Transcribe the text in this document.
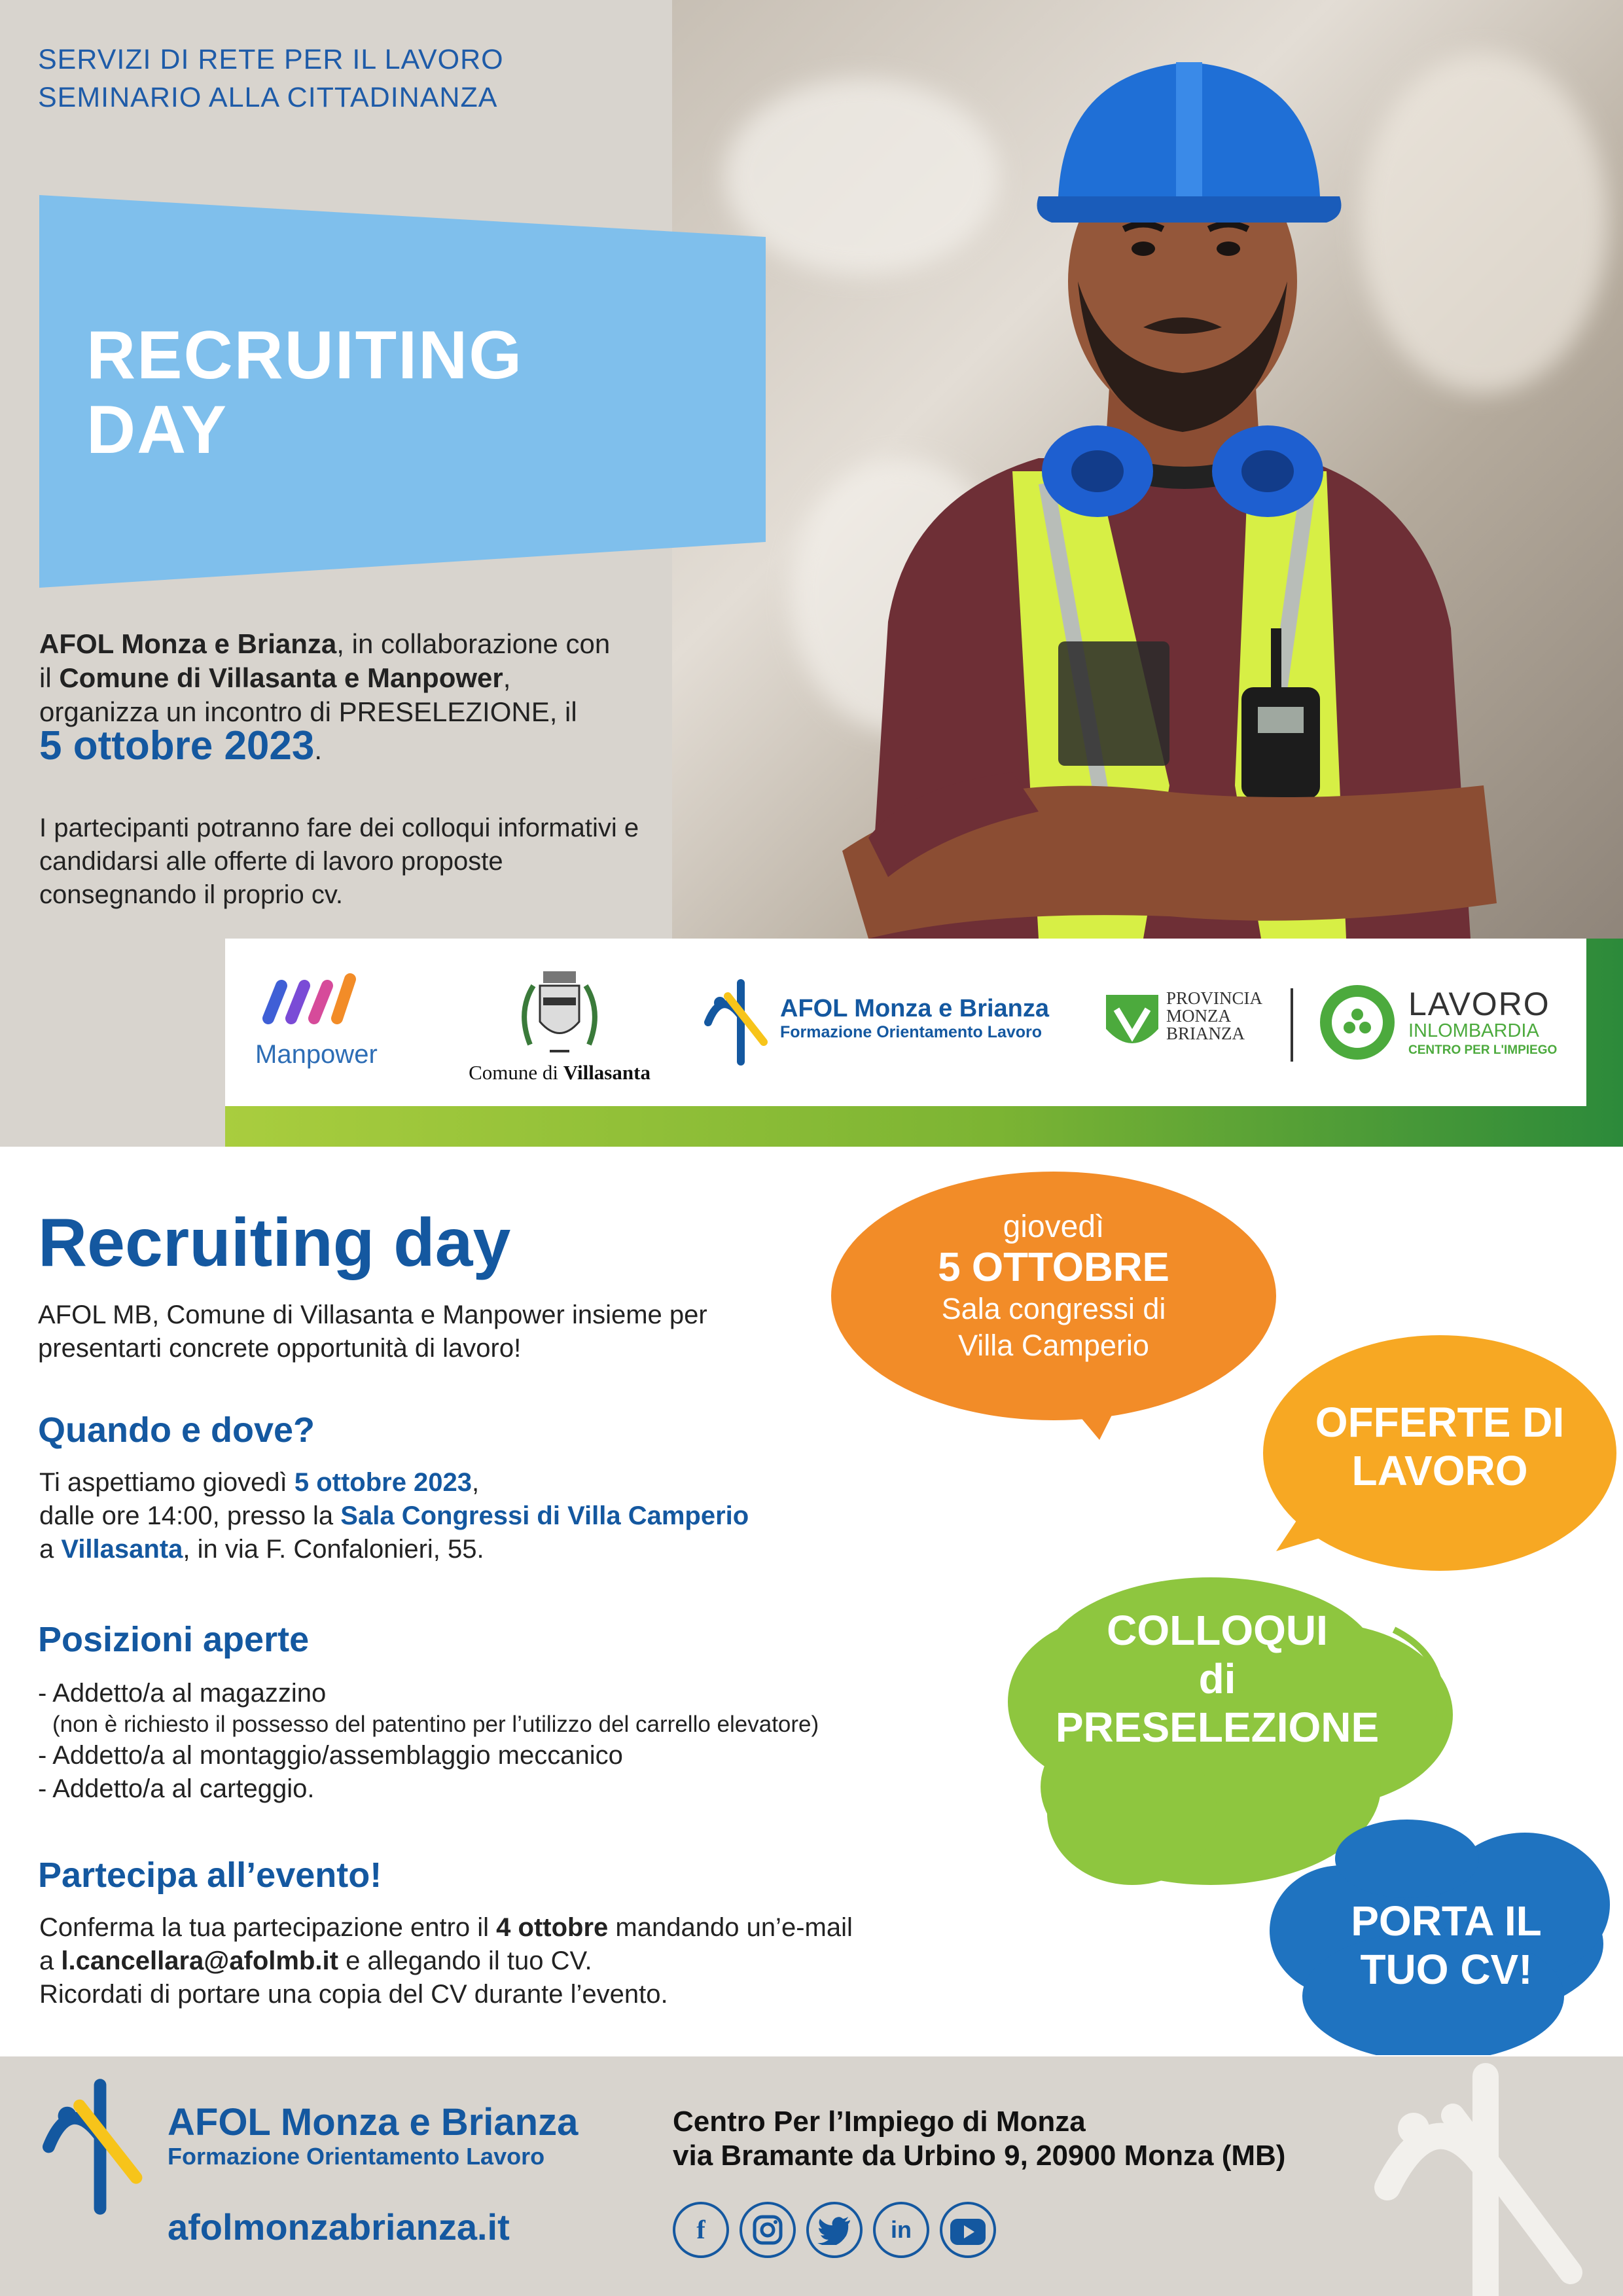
SERVIZI DI RETE PER IL LAVORO
SEMINARIO ALLA CITTADINANZA
RECRUITING
DAY
AFOL Monza e Brianza, in collaborazione con il Comune di Villasanta e Manpower, organizza un incontro di PRESELEZIONE, il
5 ottobre 2023.
I partecipanti potranno fare dei colloqui informativi e candidarsi alle offerte di lavoro proposte consegnando il proprio cv.
Manpower
Comune di Villasanta
AFOL Monza e Brianza
Formazione Orientamento Lavoro
PROVINCIA
MONZA
BRIANZA
LAVORO
INLOMBARDIA
CENTRO PER L'IMPIEGO
Recruiting day
AFOL MB, Comune di Villasanta e Manpower insieme per presentarti concrete opportunità di lavoro!
Quando e dove?
Ti aspettiamo giovedì 5 ottobre 2023,
dalle ore 14:00, presso la Sala Congressi di Villa Camperio a Villasanta, in via F. Confalonieri, 55.
Posizioni aperte
- Addetto/a al magazzino
(non è richiesto il possesso del patentino per l’utilizzo del carrello elevatore)
- Addetto/a al montaggio/assemblaggio meccanico
- Addetto/a al carteggio.
Partecipa all’evento!
Conferma la tua partecipazione entro il 4 ottobre mandando un’e-mail
a l.cancellara@afolmb.it e allegando il tuo CV.
Ricordati di portare una copia del CV durante l’evento.
giovedì
5 OTTOBRE
Sala congressi di
Villa Camperio
OFFERTE DI
LAVORO
COLLOQUI
di
PRESELEZIONE
PORTA IL
TUO CV!
AFOL Monza e Brianza
Formazione Orientamento Lavoro
afolmonzabrianza.it
Centro Per l’Impiego di Monza
via Bramante da Urbino 9, 20900 Monza (MB)
f	in
